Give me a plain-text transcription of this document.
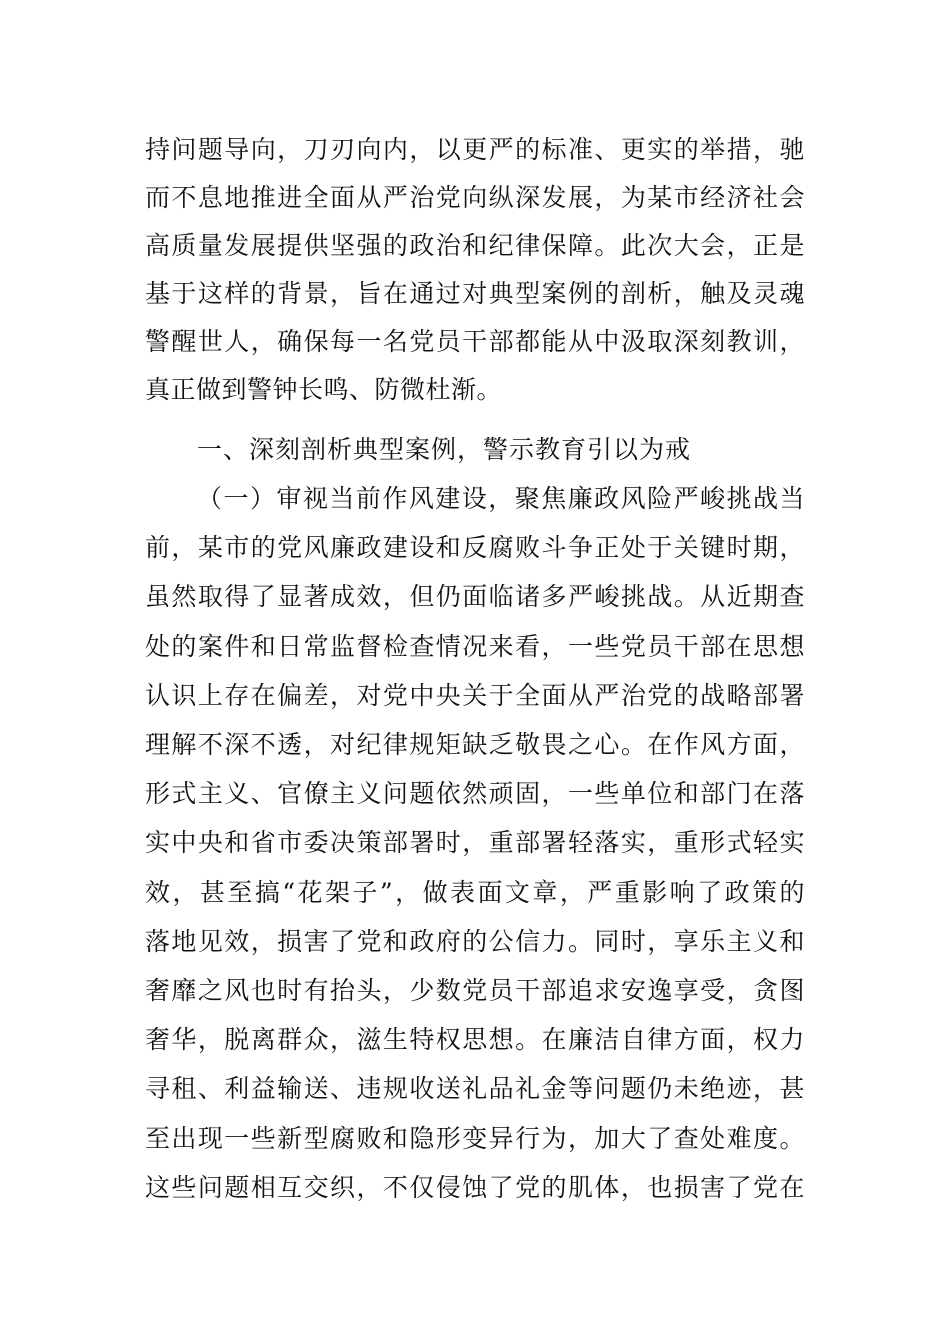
持问题导向，刀刃向内，以更严的标准、更实的举措，驰
而不息地推进全面从严治党向纵深发展，为某市经济社会
高质量发展提供坚强的政治和纪律保障。此次大会，正是
基于这样的背景，旨在通过对典型案例的剖析，触及灵魂
警醒世人，确保每一名党员干部都能从中汲取深刻教训，
真正做到警钟长鸣、防微杜渐。
一、深刻剖析典型案例，警示教育引以为戒
（一）审视当前作风建设，聚焦廉政风险严峻挑战当
前，某市的党风廉政建设和反腐败斗争正处于关键时期，
虽然取得了显著成效，但仍面临诸多严峻挑战。从近期查
处的案件和日常监督检查情况来看，一些党员干部在思想
认识上存在偏差，对党中央关于全面从严治党的战略部署
理解不深不透，对纪律规矩缺乏敬畏之心。在作风方面，
形式主义、官僚主义问题依然顽固，一些单位和部门在落
实中央和省市委决策部署时，重部署轻落实，重形式轻实
效，甚至搞“花架子”，做表面文章，严重影响了政策的
落地见效，损害了党和政府的公信力。同时，享乐主义和
奢靡之风也时有抬头，少数党员干部追求安逸享受，贪图
奢华，脱离群众，滋生特权思想。在廉洁自律方面，权力
寻租、利益输送、违规收送礼品礼金等问题仍未绝迹，甚
至出现一些新型腐败和隐形变异行为，加大了查处难度。
这些问题相互交织，不仅侵蚀了党的肌体，也损害了党在
